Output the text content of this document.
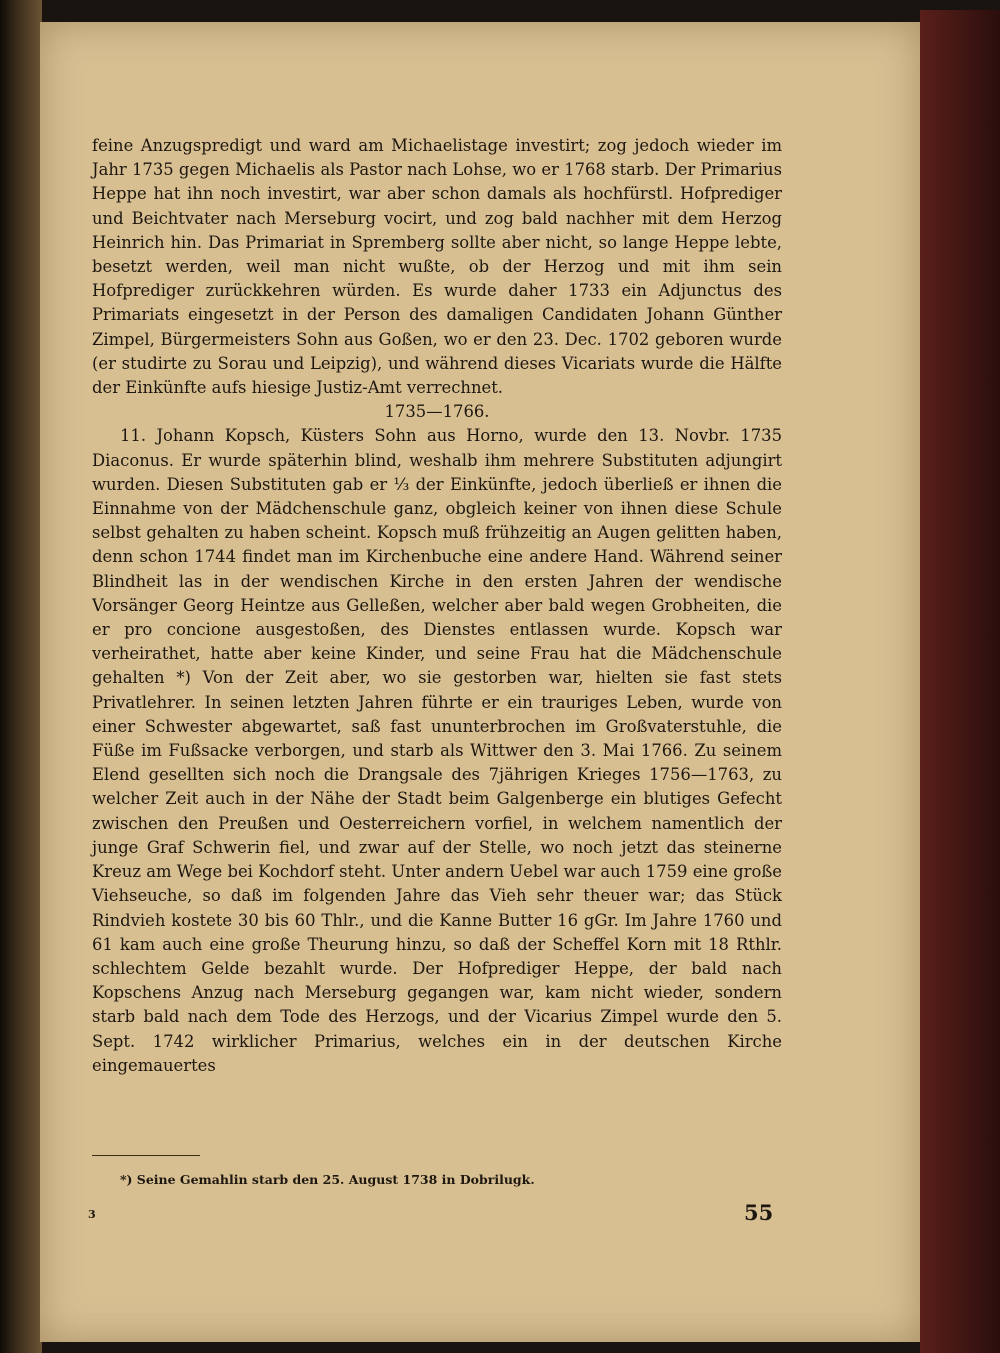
feine Anzugspredigt und ward am Michaelistage investirt; zog jedoch wieder im Jahr 1735 gegen Michaelis als Pastor nach Lohse, wo er 1768 starb. Der Primarius Heppe hat ihn noch investirt, war aber schon damals als hochfürstl. Hofprediger und Beichtvater nach Merseburg vocirt, und zog bald nachher mit dem Herzog Heinrich hin. Das Primariat in Spremberg sollte aber nicht, so lange Heppe lebte, besetzt werden, weil man nicht wußte, ob der Herzog und mit ihm sein Hofprediger zurückkehren würden. Es wurde daher 1733 ein Adjunctus des Primariats eingesetzt in der Person des damaligen Candidaten Johann Günther Zimpel, Bürgermeisters Sohn aus Goßen, wo er den 23. Dec. 1702 geboren wurde (er studirte zu Sorau und Leipzig), und während dieses Vicariats wurde die Hälfte der Einkünfte aufs hiesige Justiz-Amt verrechnet.

1735—1766.

11. Johann Kopsch, Küsters Sohn aus Horno, wurde den 13. Novbr. 1735 Diaconus. Er wurde späterhin blind, weshalb ihm mehrere Substituten adjungirt wurden. Diesen Substituten gab er ⅓ der Einkünfte, jedoch überließ er ihnen die Einnahme von der Mädchenschule ganz, obgleich keiner von ihnen diese Schule selbst gehalten zu haben scheint. Kopsch muß frühzeitig an Augen gelitten haben, denn schon 1744 findet man im Kirchenbuche eine andere Hand. Während seiner Blindheit las in der wendischen Kirche in den ersten Jahren der wendische Vorsänger Georg Heintze aus Gelleßen, welcher aber bald wegen Grobheiten, die er pro concione ausgestoßen, des Dienstes entlassen wurde. Kopsch war verheirathet, hatte aber keine Kinder, und seine Frau hat die Mädchenschule gehalten *) Von der Zeit aber, wo sie gestorben war, hielten sie fast stets Privatlehrer. In seinen letzten Jahren führte er ein trauriges Leben, wurde von einer Schwester abgewartet, saß fast ununterbrochen im Großvaterstuhle, die Füße im Fußsacke verborgen, und starb als Wittwer den 3. Mai 1766. Zu seinem Elend gesellten sich noch die Drangsale des 7jährigen Krieges 1756—1763, zu welcher Zeit auch in der Nähe der Stadt beim Galgenberge ein blutiges Gefecht zwischen den Preußen und Oesterreichern vorfiel, in welchem namentlich der junge Graf Schwerin fiel, und zwar auf der Stelle, wo noch jetzt das steinerne Kreuz am Wege bei Kochdorf steht. Unter andern Uebel war auch 1759 eine große Viehseuche, so daß im folgenden Jahre das Vieh sehr theuer war; das Stück Rindvieh kostete 30 bis 60 Thlr., und die Kanne Butter 16 gGr. Im Jahre 1760 und 61 kam auch eine große Theurung hinzu, so daß der Scheffel Korn mit 18 Rthlr. schlechtem Gelde bezahlt wurde. Der Hofprediger Heppe, der bald nach Kopschens Anzug nach Merseburg gegangen war, kam nicht wieder, sondern starb bald nach dem Tode des Herzogs, und der Vicarius Zimpel wurde den 5. Sept. 1742 wirklicher Primarius, welches ein in der deutschen Kirche eingemauertes

*) Seine Gemahlin starb den 25. August 1738 in Dobrilugk.
3	55
